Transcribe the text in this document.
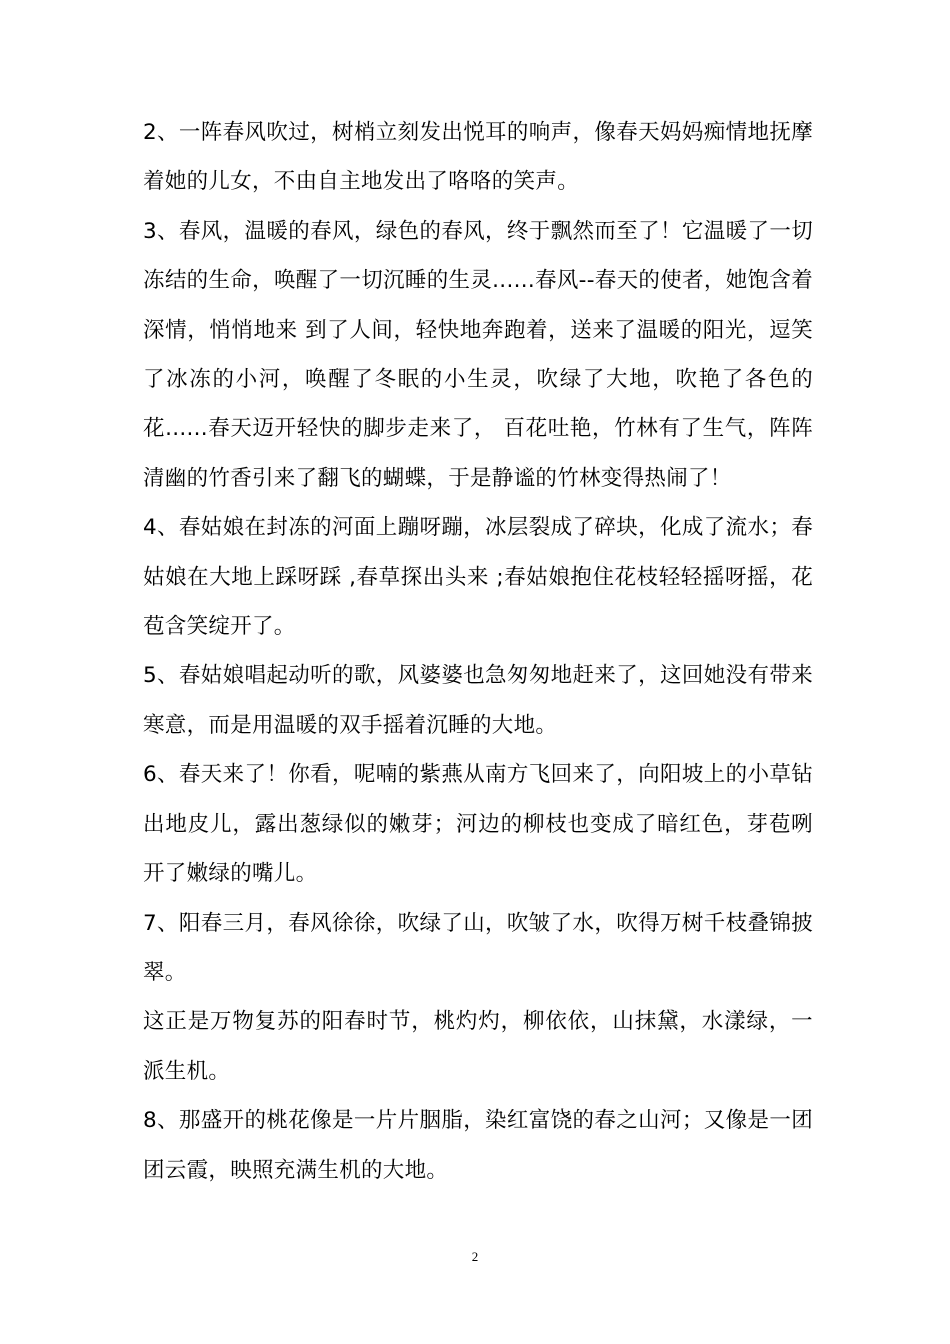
2、一阵春风吹过，树梢立刻发出悦耳的响声，像春天妈妈痴情地抚摩着她的儿女，不由自主地发出了咯咯的笑声。

3、春风，温暖的春风，绿色的春风，终于飘然而至了！它温暖了一切冻结的生命，唤醒了一切沉睡的生灵......春风--春天的使者，她饱含着深情，悄悄地来 到了人间，轻快地奔跑着，送来了温暖的阳光，逗笑了冰冻的小河，唤醒了冬眠的小生灵，吹绿了大地，吹艳了各色的花......春天迈开轻快的脚步走来了， 百花吐艳，竹林有了生气，阵阵清幽的竹香引来了翻飞的蝴蝶，于是静谧的竹林变得热闹了！

4、春姑娘在封冻的河面上蹦呀蹦，冰层裂成了碎块，化成了流水；春姑娘在大地上踩呀踩 ,春草探出头来 ;春姑娘抱住花枝轻轻摇呀摇，花苞含笑绽开了。

5、春姑娘唱起动听的歌，风婆婆也急匆匆地赶来了，这回她没有带来寒意，而是用温暖的双手摇着沉睡的大地。

6、春天来了！你看，呢喃的紫燕从南方飞回来了，向阳坡上的小草钻出地皮儿，露出葱绿似的嫩芽；河边的柳枝也变成了暗红色，芽苞咧开了嫩绿的嘴儿。

7、阳春三月，春风徐徐，吹绿了山，吹皱了水，吹得万树千枝叠锦披翠。

这正是万物复苏的阳春时节，桃灼灼，柳依依，山抹黛，水漾绿，一派生机。

8、那盛开的桃花像是一片片胭脂，染红富饶的春之山河；又像是一团团云霞，映照充满生机的大地。

2
